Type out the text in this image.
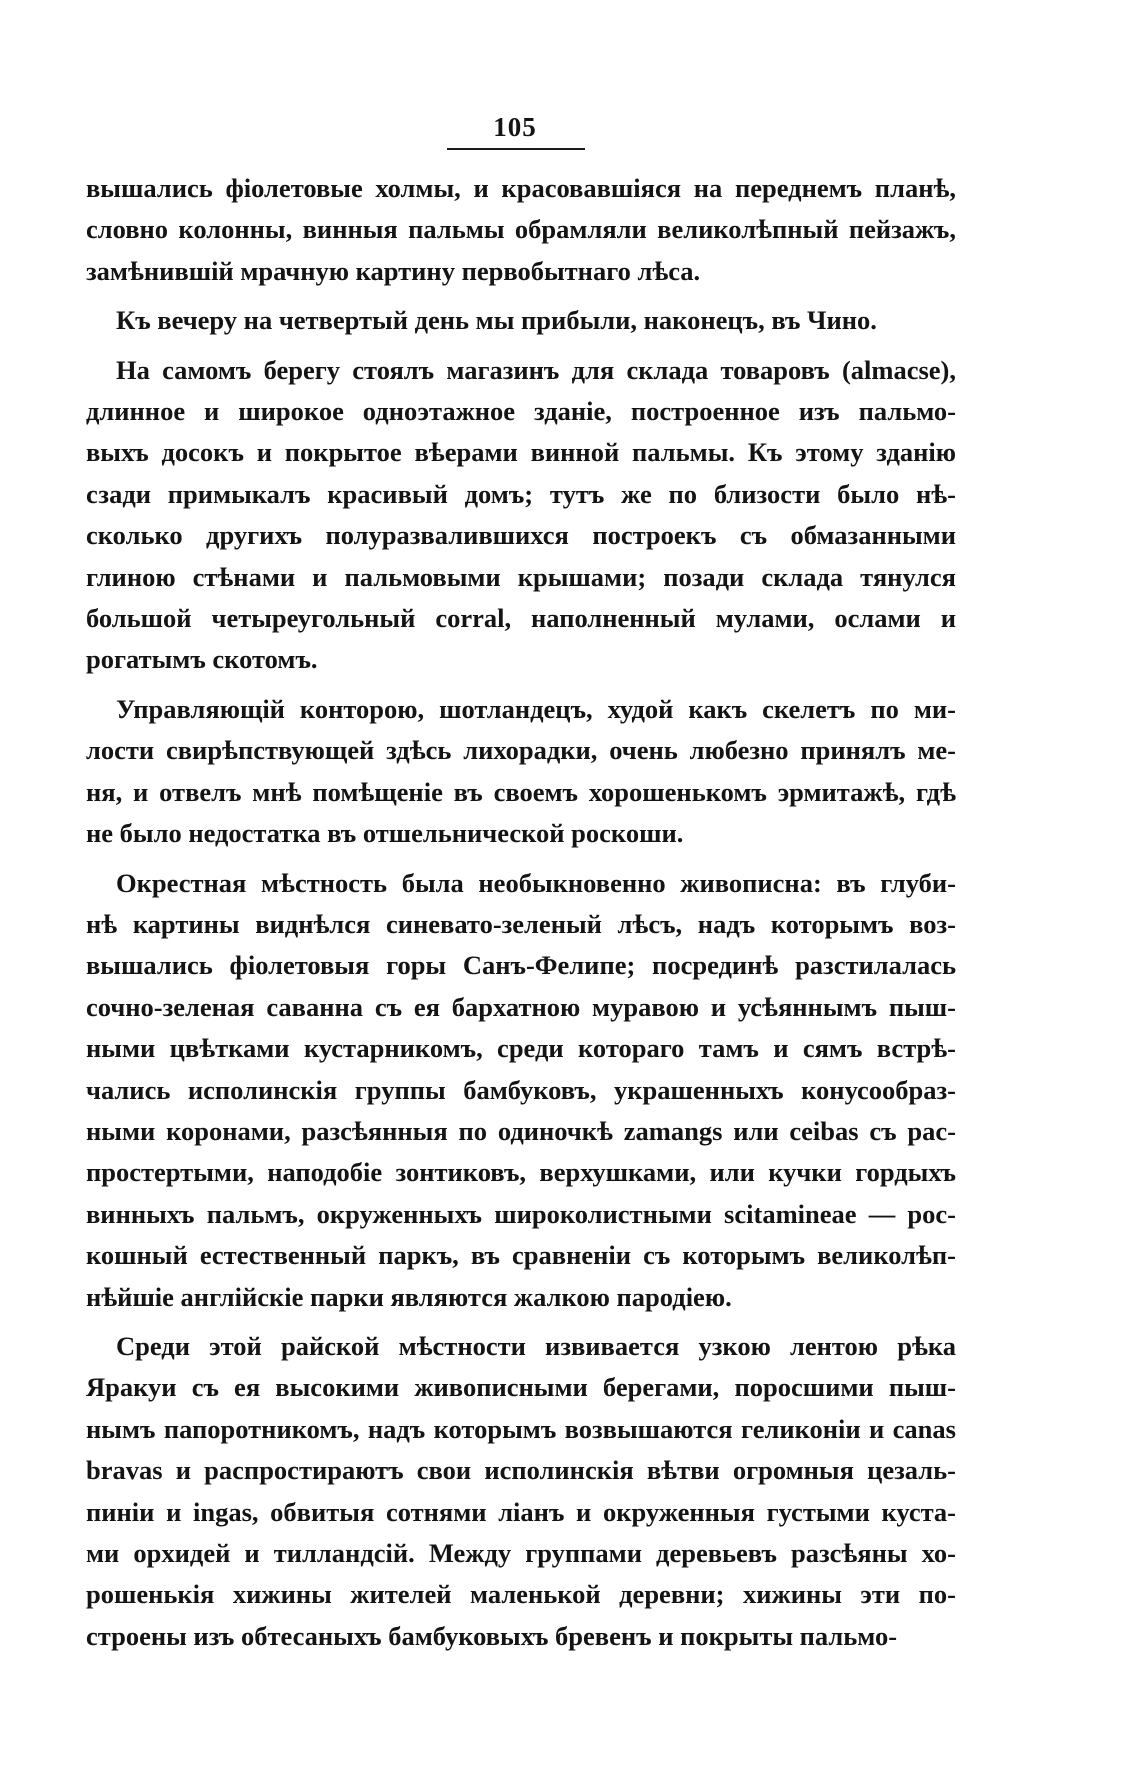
105
вышались фіолетовые холмы, и красовавшіяся на переднемъ планѣ,
словно колонны, винныя пальмы обрамляли великолѣпный пейзажъ,
замѣнившій мрачную картину первобытнаго лѣса.
Къ вечеру на четвертый день мы прибыли, наконецъ, въ Чино.
На самомъ берегу стоялъ магазинъ для склада товаровъ (almacse),
длинное и широкое одноэтажное зданіе, построенное изъ пальмо-
выхъ досокъ и покрытое вѣерами винной пальмы. Къ этому зданію
сзади примыкалъ красивый домъ; тутъ же по близости было нѣ-
сколько другихъ полуразвалившихся построекъ съ обмазанными
глиною стѣнами и пальмовыми крышами; позади склада тянулся
большой четыреугольный corral, наполненный мулами, ослами и
рогатымъ скотомъ.
Управляющій конторою, шотландецъ, худой какъ скелетъ по ми-
лости свирѣпствующей здѣсь лихорадки, очень любезно принялъ ме-
ня, и отвелъ мнѣ помѣщеніе въ своемъ хорошенькомъ эрмитажѣ, гдѣ
не было недостатка въ отшельнической роскоши.
Окрестная мѣстность была необыкновенно живописна: въ глуби-
нѣ картины виднѣлся синевато-зеленый лѣсъ, надъ которымъ воз-
вышались фіолетовыя горы Санъ-Фелипе; посрединѣ разстилалась
сочно-зеленая саванна съ ея бархатною муравою и усѣяннымъ пыш-
ными цвѣтками кустарникомъ, среди котораго тамъ и сямъ встрѣ-
чались исполинскія группы бамбуковъ, украшенныхъ конусообраз-
ными коронами, разсѣянныя по одиночкѣ zamangs или ceibas съ рас-
простертыми, наподобіе зонтиковъ, верхушками, или кучки гордыхъ
винныхъ пальмъ, окруженныхъ широколистными scitamineae — рос-
кошный естественный паркъ, въ сравненіи съ которымъ великолѣп-
нѣйшіе англійскіе парки являются жалкою пародіею.
Среди этой райской мѣстности извивается узкою лентою рѣка
Яракуи съ ея высокими живописными берегами, поросшими пыш-
нымъ папоротникомъ, надъ которымъ возвышаются геликоніи и canas
bravas и распростираютъ свои исполинскія вѣтви огромныя цезаль-
пиніи и ingas, обвитыя сотнями ліанъ и окруженныя густыми куста-
ми орхидей и тилландсій. Между группами деревьевъ разсѣяны хо-
рошенькія хижины жителей маленькой деревни; хижины эти по-
строены изъ обтесаныхъ бамбуковыхъ бревенъ и покрыты пальмо-
